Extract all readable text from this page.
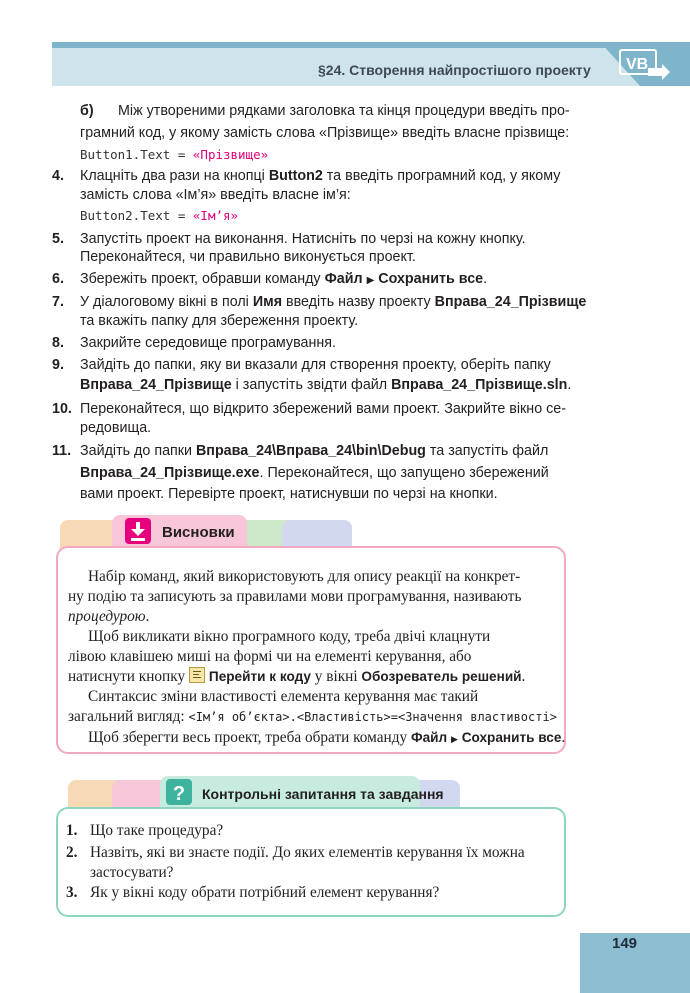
§24. Створення найпростішого проекту VB
б) Між утвореними рядками заголовка та кінця процедури введіть про-
грамний код, у якому замість слова «Прізвище» введіть власне прізвище:
Button1.Text = «Прізвище»
4. Клацніть два рази на кнопці Button2 та введіть програмний код, у якому
замість слова «Ім’я» введіть власне ім’я:
Button2.Text = «Ім’я»
5. Запустіть проект на виконання. Натисніть по черзі на кожну кнопку.
Переконайтеся, чи правильно виконується проект.
6. Збережіть проект, обравши команду Файл ▶ Сохранить все.
7. У діалоговому вікні в полі Имя введіть назву проекту Вправа_24_Прізвище
та вкажіть папку для збереження проекту.
8. Закрийте середовище програмування.
9. Зайдіть до папки, яку ви вказали для створення проекту, оберіть папку
Вправа_24_Прізвище і запустіть звідти файл Вправа_24_Прізвище.sln.
10. Переконайтеся, що відкрито збережений вами проект. Закрийте вікно се-
редовища.
11. Зайдіть до папки Вправа_24\Вправа_24\bin\Debug та запустіть файл
Вправа_24_Прізвище.exe. Переконайтеся, що запущено збережений
вами проект. Перевірте проект, натиснувши по черзі на кнопки.
Висновки
Набір команд, який використовують для опису реакції на конкрет-
ну подію та записують за правилами мови програмування, називають
процедурою.
Щоб викликати вікно програмного коду, треба двічі клацнути
лівою клавішею миші на формі чи на елементі керування, або
натиснути кнопку
Перейти к коду у вікні Обозреватель решений.
Синтаксис зміни властивості елемента керування має такий
загальний вигляд: <Ім’я об’єкта>.<Властивість>=<Значення властивості>
Щоб зберегти весь проект, треба обрати команду Файл ▶ Сохранить все.
? Контрольні запитання та завдання
1. Що таке процедура?
2. Назвіть, які ви знаєте події. До яких елементів керування їх можна
застосувати?
3. Як у вікні коду обрати потрібний елемент керування?
149
